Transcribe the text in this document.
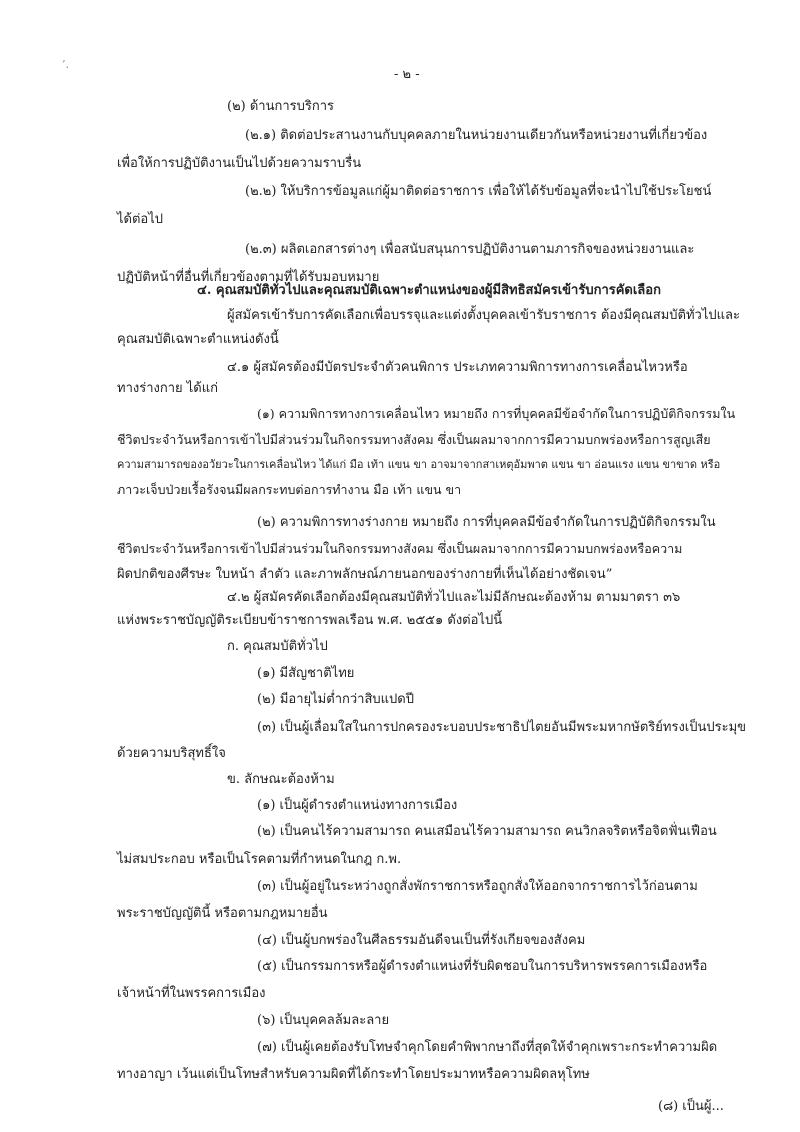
’.
- ๒ -
(๒) ด้านการบริการ
(๒.๑) ติดต่อประสานงานกับบุคคลภายในหน่วยงานเดียวกันหรือหน่วยงานที่เกี่ยวข้อง
เพื่อให้การปฏิบัติงานเป็นไปด้วยความราบรื่น
(๒.๒) ให้บริการข้อมูลแก่ผู้มาติดต่อราชการ เพื่อให้ได้รับข้อมูลที่จะนำไปใช้ประโยชน์
ได้ต่อไป
(๒.๓) ผลิตเอกสารต่างๆ เพื่อสนับสนุนการปฏิบัติงานตามภารกิจของหน่วยงานและ
ปฏิบัติหน้าที่อื่นที่เกี่ยวข้องตามที่ได้รับมอบหมาย
๔. คุณสมบัติทั่วไปและคุณสมบัติเฉพาะตำแหน่งของผู้มีสิทธิสมัครเข้ารับการคัดเลือก
ผู้สมัครเข้ารับการคัดเลือกเพื่อบรรจุและแต่งตั้งบุคคลเข้ารับราชการ ต้องมีคุณสมบัติทั่วไปและ
คุณสมบัติเฉพาะตำแหน่งดังนี้
๔.๑ ผู้สมัครต้องมีบัตรประจำตัวคนพิการ ประเภทความพิการทางการเคลื่อนไหวหรือ
ทางร่างกาย ได้แก่
(๑) ความพิการทางการเคลื่อนไหว หมายถึง การที่บุคคลมีข้อจำกัดในการปฏิบัติกิจกรรมใน
ชีวิตประจำวันหรือการเข้าไปมีส่วนร่วมในกิจกรรมทางสังคม ซึ่งเป็นผลมาจากการมีความบกพร่องหรือการสูญเสีย
ความสามารถของอวัยวะในการเคลื่อนไหว ได้แก่ มือ เท้า แขน ขา อาจมาจากสาเหตุอัมพาต แขน ขา อ่อนแรง แขน ขาขาด หรือ
ภาวะเจ็บป่วยเรื้อรังจนมีผลกระทบต่อการทำงาน มือ เท้า แขน ขา
(๒) ความพิการทางร่างกาย หมายถึง การที่บุคคลมีข้อจำกัดในการปฏิบัติกิจกรรมใน
ชีวิตประจำวันหรือการเข้าไปมีส่วนร่วมในกิจกรรมทางสังคม ซึ่งเป็นผลมาจากการมีความบกพร่องหรือความ
ผิดปกติของศีรษะ ใบหน้า ลำตัว และภาพลักษณ์ภายนอกของร่างกายที่เห็นได้อย่างชัดเจน”
๔.๒ ผู้สมัครคัดเลือกต้องมีคุณสมบัติทั่วไปและไม่มีลักษณะต้องห้าม ตามมาตรา ๓๖
แห่งพระราชบัญญัติระเบียบข้าราชการพลเรือน พ.ศ. ๒๕๕๑ ดังต่อไปนี้
ก. คุณสมบัติทั่วไป
(๑) มีสัญชาติไทย
(๒) มีอายุไม่ต่ำกว่าสิบแปดปี
(๓) เป็นผู้เลื่อมใสในการปกครองระบอบประชาธิปไตยอันมีพระมหากษัตริย์ทรงเป็นประมุข
ด้วยความบริสุทธิ์ใจ
ข. ลักษณะต้องห้าม
(๑) เป็นผู้ดำรงตำแหน่งทางการเมือง
(๒) เป็นคนไร้ความสามารถ คนเสมือนไร้ความสามารถ คนวิกลจริตหรือจิตฟั่นเฟือน
ไม่สมประกอบ หรือเป็นโรคตามที่กำหนดในกฎ ก.พ.
(๓) เป็นผู้อยู่ในระหว่างถูกสั่งพักราชการหรือถูกสั่งให้ออกจากราชการไว้ก่อนตาม
พระราชบัญญัตินี้ หรือตามกฎหมายอื่น
(๔) เป็นผู้บกพร่องในศีลธรรมอันดีจนเป็นที่รังเกียจของสังคม
(๕) เป็นกรรมการหรือผู้ดำรงตำแหน่งที่รับผิดชอบในการบริหารพรรคการเมืองหรือ
เจ้าหน้าที่ในพรรคการเมือง
(๖) เป็นบุคคลล้มละลาย
(๗) เป็นผู้เคยต้องรับโทษจำคุกโดยคำพิพากษาถึงที่สุดให้จำคุกเพราะกระทำความผิด
ทางอาญา เว้นแต่เป็นโทษสำหรับความผิดที่ได้กระทำโดยประมาทหรือความผิดลหุโทษ
(๘) เป็นผู้...
